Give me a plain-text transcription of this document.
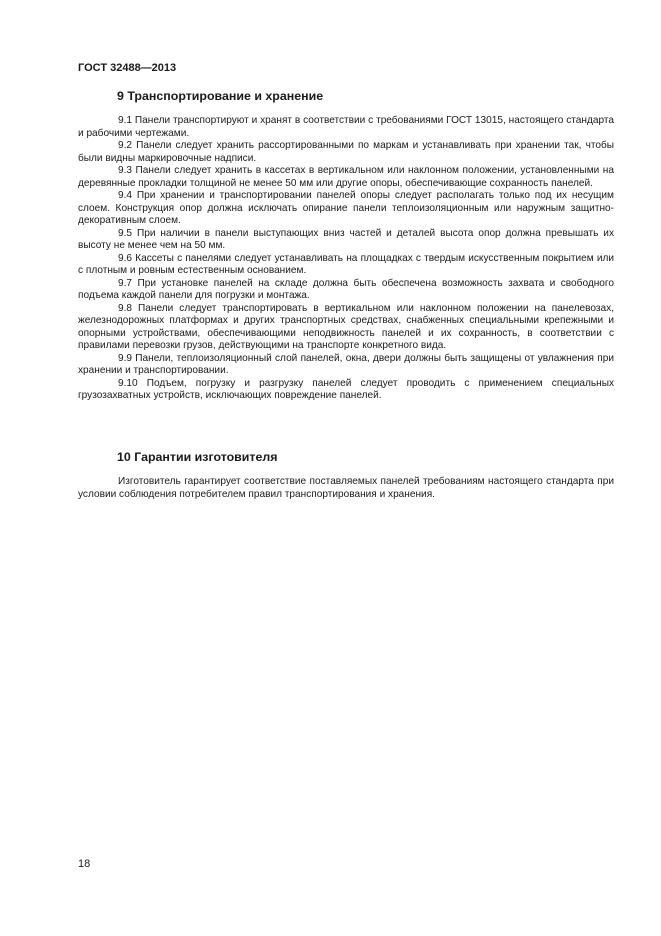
ГОСТ 32488—2013
9 Транспортирование и хранение

9.1 Панели транспортируют и хранят в соответствии с требованиями ГОСТ 13015, настоящего стандарта и рабочими чертежами.

9.2 Панели следует хранить рассортированными по маркам и устанавливать при хранении так, чтобы были видны маркировочные надписи.

9.3 Панели следует хранить в кассетах в вертикальном или наклонном положении, установленными на деревянные прокладки толщиной не менее 50 мм или другие опоры, обеспечивающие сохранность панелей.

9.4 При хранении и транспортировании панелей опоры следует располагать только под их несущим слоем. Конструкция опор должна исключать опирание панели теплоизоляционным или наружным защитно-декоративным слоем.

9.5 При наличии в панели выступающих вниз частей и деталей высота опор должна превышать их высоту не менее чем на 50 мм.

9.6 Кассеты с панелями следует устанавливать на площадках с твердым искусственным покрытием или с плотным и ровным естественным основанием.

9.7 При установке панелей на складе должна быть обеспечена возможность захвата и свободного подъема каждой панели для погрузки и монтажа.

9.8 Панели следует транспортировать в вертикальном или наклонном положении на панелевозах, железнодорожных платформах и других транспортных средствах, снабженных специальными крепежными и опорными устройствами, обеспечивающими неподвижность панелей и их сохранность, в соответствии с правилами перевозки грузов, действующими на транспорте конкретного вида.

9.9 Панели, теплоизоляционный слой панелей, окна, двери должны быть защищены от увлажнения при хранении и транспортировании.

9.10 Подъем, погрузку и разгрузку панелей следует проводить с применением специальных грузозахватных устройств, исключающих повреждение панелей.

10 Гарантии изготовителя

Изготовитель гарантирует соответствие поставляемых панелей требованиям настоящего стандарта при условии соблюдения потребителем правил транспортирования и хранения.

18
